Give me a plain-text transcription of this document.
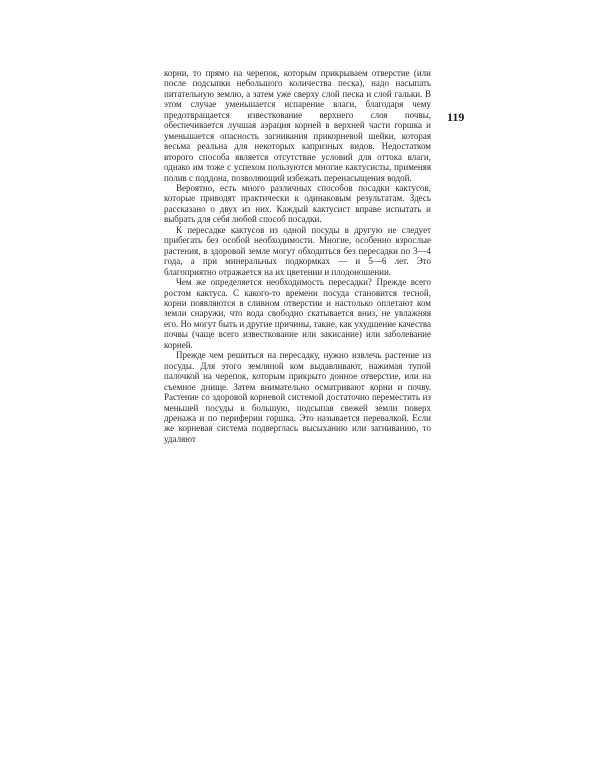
119

корни, то прямо на черепок, которым прикрываем отверстие (или после подсыпки небольшого количества песка), надо насыпать питательную землю, а затем уже сверху слой песка и слой гальки. В этом случае уменьшается испарение влаги, благодаря чему предотвращается известкование верхнего слоя почвы, обеспечивается лучшая аэрация корней в верхней части горшка и уменьшается опасность загнивания прикорневой шейки, которая весьма реальна для некоторых капризных видов. Недостатком второго способа является отсутствие условий для оттока влаги, однако им тоже с успехом пользуются многие кактусисты, применяя полив с поддона, позволяющий избежать перенасыщения водой.

Вероятно, есть много различных способов посадки кактусов, которые приводят практически к одинаковым результатам. Здесь рассказано о двух из них. Каждый кактусист вправе испытать и выбрать для себя любой способ посадки.

К пересадке кактусов из одной посуды в другую не следует прибегать без особой необходимости. Многие, особенно взрослые растения, в здоровой земле могут обходиться без пересадки по 3—4 года, а при минеральных подкормках — и 5—6 лет. Это благоприятно отражается на их цветении и плодоношении.

Чем же определяется необходимость пересадки? Прежде всего ростом кактуса. С какого-то времени посуда становится тесной, корни появляются в сливном отверстии и настолько оплетают ком земли снаружи, что вода свободно скатывается вниз, не увлажняя его. Но могут быть и другие причины, такие, как ухудшение качества почвы (чаще всего известкование или закисание) или заболевание корней.

Прежде чем решиться на пересадку, нужно извлечь растение из посуды. Для этого земляной ком выдавливают, нажимая тупой палочкой на черепок, которым прикрыто донное отверстие, или на съемное днище. Затем внимательно осматривают корни и почву. Растение со здоровой корневой системой достаточно переместить из меньшей посуды в большую, подсыпав свежей земли поверх дренажа и по периферии горшка. Это называется перевалкой. Если же корневая система подверглась высыханию или загниванию, то удаляют
